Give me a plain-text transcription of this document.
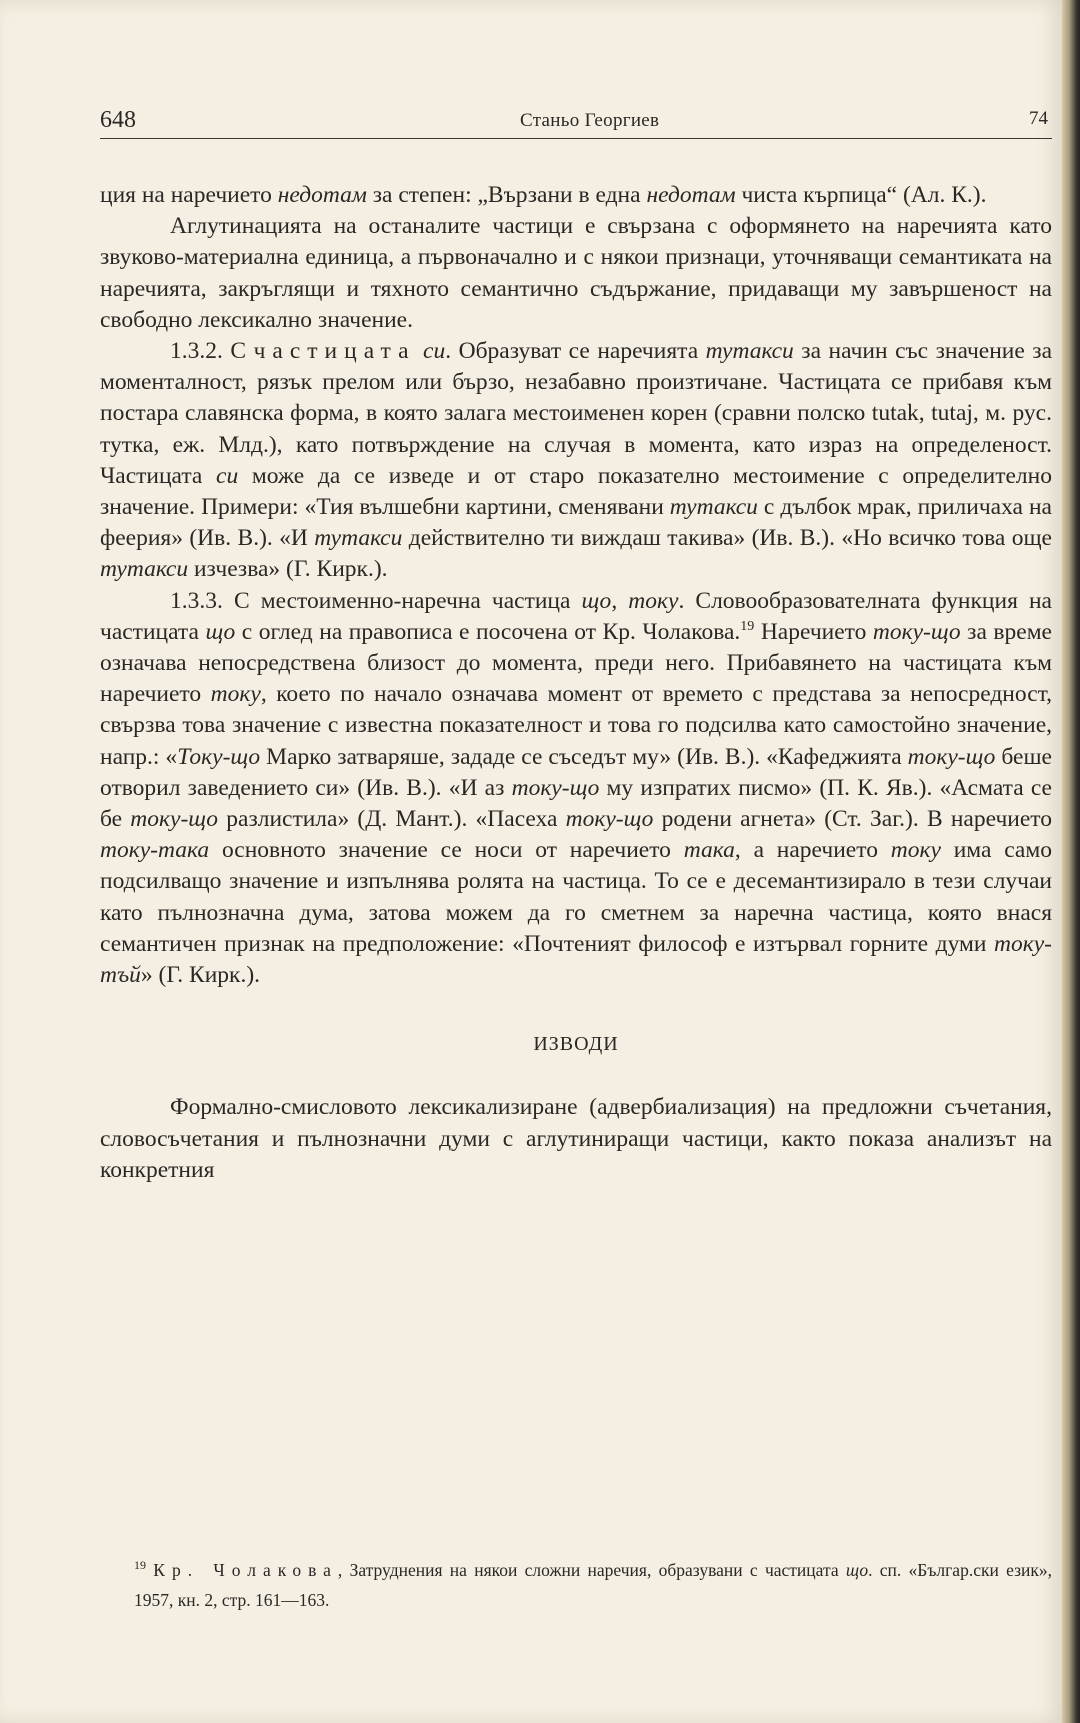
648	Станьо Георгиев	74

ция на наречието недотам за степен: „Вързани в една недотам чиста кърпица“ (Ал. К.).

Аглутинацията на останалите частици е свързана с оформянето на наречията като звуково-материална единица, а първоначално и с някои признаци, уточняващи семантиката на наречията, закръглящи и тяхното семантично съдържание, придаващи му завършеност на свободно лексикално значение.

1.3.2. С частицата си. Образуват се наречията тутакси за начин със значение за моменталност, рязък прелом или бързо, незабавно произтичане. Частицата се прибавя към постара славянска форма, в която залага местоименен корен (сравни полско tutak, tutaj, м. рус. тутка, еж. Млд.), като потвърждение на случая в момента, като израз на определеност. Частицата си може да се изведе и от старо показателно местоимение с определително значение. Примери: «Тия вълшебни картини, сменявани тутакси с дълбок мрак, приличаха на феерия» (Ив. В.). «И тутакси действително ти виждаш такива» (Ив. В.). «Но всичко това още тутакси изчезва» (Г. Кирк.).

1.3.3. С местоименно-наречна частица що, току. Словообразователната функция на частицата що с оглед на правописа е посочена от Кр. Чолакова.$^{19}$ Наречието току-що за време означава непосредствена близост до момента, преди него. Прибавянето на частицата към наречието току, което по начало означава момент от времето с представа за непосредност, свързва това значение с известна показателност и това го подсилва като самостойно значение, напр.: «Току-що Марко затваряше, зададе се съседът му» (Ив. В.). «Кафеджията току-що беше отворил заведението си» (Ив. В.). «И аз току-що му изпратих писмо» (П. К. Яв.). «Асмата се бе току-що разлистила» (Д. Мант.). «Пасеха току-що родени агнета» (Ст. Заг.). В наречието току-така основното значение се носи от наречието така, а наречието току има само подсилващо значение и изпълнява ролята на частица. То се е десемантизирало в тези случаи като пълнозначна дума, затова можем да го сметнем за наречна частица, която внася семантичен признак на предположение: «Почтеният философ е изтървал горните думи току-тъй» (Г. Кирк.).

ИЗВОДИ

Формално-смисловото лексикализиране (адвербиализация) на предложни съчетания, словосъчетания и пълнозначни думи с аглутиниращи частици, както показа анализът на конкретния

$^{19}$ Кр. Чолакова, Затруднения на някои сложни наречия, образувани с частицата що. сп. «Българ.ски език», 1957, кн. 2, стр. 161—163.
